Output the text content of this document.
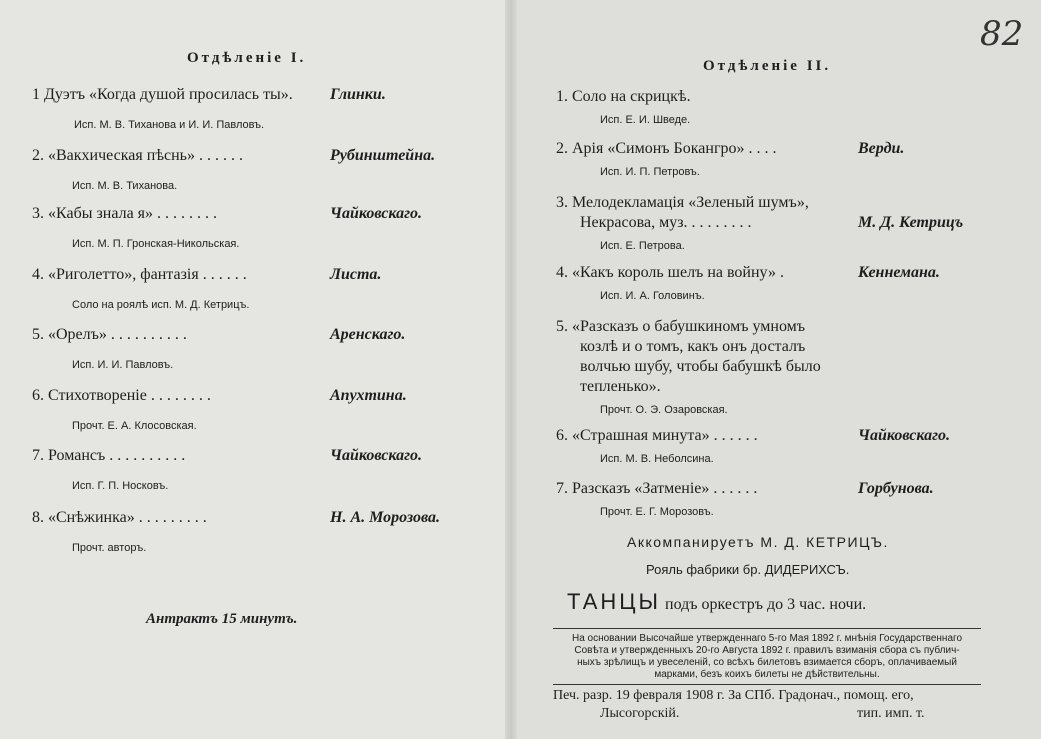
82
Отдѣленiе I.
1 Дуэтъ «Когда душой просилась ты». Глинки.
Исп. М. В. Тиханова и И. И. Павловъ.
2. «Вакхическая пѣснь» ......	Рубинштейна.
Исп. М. В. Тиханова.
3. «Кабы знала я» ........	Чайковскаго.
Исп. М. П. Гронская-Никольская.
4. «Риголетто», фантазiя ......	Листа.
Соло на роялѣ исп. М. Д. Кетрицъ.
5. «Орелъ» ..........	Аренскаго.
Исп. И. И. Павловъ.
6. Стихотворенiе ........	Апухтина.
Прочт. Е. А. Клосовская.
7. Романсъ ..........	Чайковскаго.
Исп. Г. П. Носковъ.
8. «Снѣжинка» .........	Н. А. Морозова.
Прочт. авторъ.
Антрактъ 15 минутъ.
Отдѣленiе II.
1. Соло на скрицкѣ.
Исп. Е. И. Шведе.
2. Арiя «Симонъ Бокангро» ....	Верди.
Исп. И. П. Петровъ.
3. Мелодекламацiя «Зеленый шумъ»,
Некрасова, муз. ........	М. Д. Кетрицъ
Исп. Е. Петрова.
4. «Какъ король шелъ на войну» .	Кеннемана.
Исп. И. А. Головинъ.
5. «Разсказъ о бабушкиномъ умномъ
козлѣ и о томъ, какъ онъ досталъ
волчью шубу, чтобы бабушкѣ было
тепленько».
Прочт. О. Э. Озаровская.
6. «Страшная минута» ......	Чайковскаго.
Исп. М. В. Неболсина.
7. Разсказъ «Затменiе» ......	Горбунова.
Прочт. Е. Г. Морозовъ.
Аккомпанируетъ М. Д. КЕТРИЦЪ.
Рояль фабрики бр. ДИДЕРИХСЪ.
ТАНЦЫ подъ оркестръ до 3 час. ночи.
На основании Высочайше утвержденнаго 5-го Мая 1892 г. мнѣнiя Государственнаго
Совѣта и утвержденныхъ 20-го Августа 1892 г. правилъ взиманiя сбора съ публич-
ныхъ зрѣлищъ и увеселенiй, со всѣхъ билетовъ взимается сборъ, оплачиваемый
марками, безъ коихъ билеты не дѣйствительны.
Печ. разр. 19 февраля 1908 г. За СПб. Градонач., помощ. его,
Лысогорскiй.	тип. имп. т.
